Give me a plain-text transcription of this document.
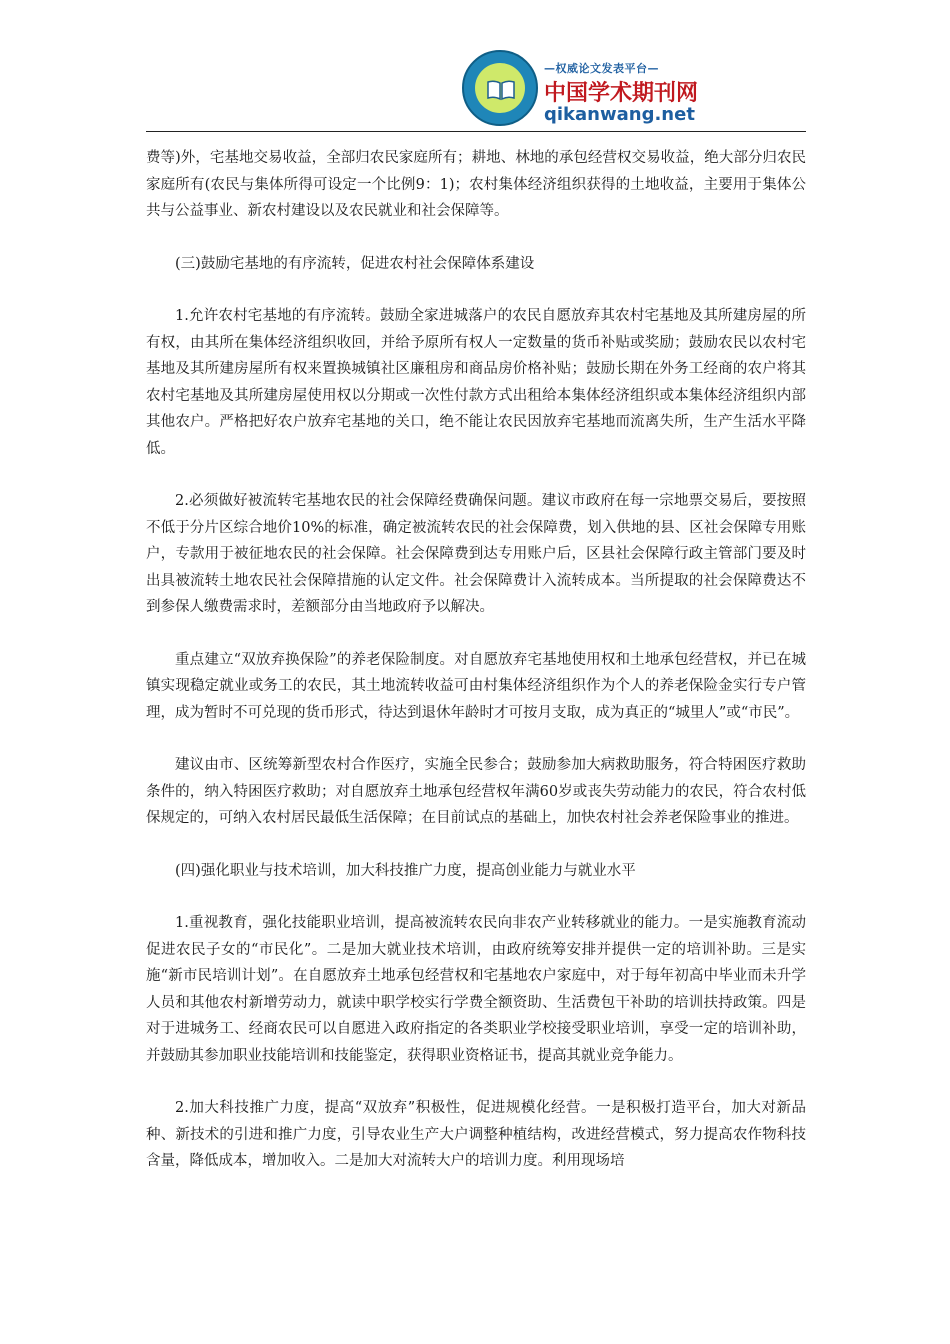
—权威论文发表平台—
中国学术期刊网
qikanwang.net

费等)外，宅基地交易收益，全部归农民家庭所有；耕地、林地的承包经营权交易收益，绝大部分归农民家庭所有(农民与集体所得可设定一个比例9：1)；农村集体经济组织获得的土地收益，主要用于集体公共与公益事业、新农村建设以及农民就业和社会保障等。

(三)鼓励宅基地的有序流转，促进农村社会保障体系建设

1.允许农村宅基地的有序流转。鼓励全家进城落户的农民自愿放弃其农村宅基地及其所建房屋的所有权，由其所在集体经济组织收回，并给予原所有权人一定数量的货币补贴或奖励；鼓励农民以农村宅基地及其所建房屋所有权来置换城镇社区廉租房和商品房价格补贴；鼓励长期在外务工经商的农户将其农村宅基地及其所建房屋使用权以分期或一次性付款方式出租给本集体经济组织或本集体经济组织内部其他农户。严格把好农户放弃宅基地的关口，绝不能让农民因放弃宅基地而流离失所，生产生活水平降低。

2.必须做好被流转宅基地农民的社会保障经费确保问题。建议市政府在每一宗地票交易后，要按照不低于分片区综合地价10%的标准，确定被流转农民的社会保障费，划入供地的县、区社会保障专用账户，专款用于被征地农民的社会保障。社会保障费到达专用账户后，区县社会保障行政主管部门要及时出具被流转土地农民社会保障措施的认定文件。社会保障费计入流转成本。当所提取的社会保障费达不到参保人缴费需求时，差额部分由当地政府予以解决。

重点建立“双放弃换保险”的养老保险制度。对自愿放弃宅基地使用权和土地承包经营权，并已在城镇实现稳定就业或务工的农民，其土地流转收益可由村集体经济组织作为个人的养老保险金实行专户管理，成为暂时不可兑现的货币形式，待达到退休年龄时才可按月支取，成为真正的“城里人”或“市民”。

建议由市、区统筹新型农村合作医疗，实施全民参合；鼓励参加大病救助服务，符合特困医疗救助条件的，纳入特困医疗救助；对自愿放弃土地承包经营权年满60岁或丧失劳动能力的农民，符合农村低保规定的，可纳入农村居民最低生活保障；在目前试点的基础上，加快农村社会养老保险事业的推进。

(四)强化职业与技术培训，加大科技推广力度，提高创业能力与就业水平

1.重视教育，强化技能职业培训，提高被流转农民向非农产业转移就业的能力。一是实施教育流动促进农民子女的“市民化”。二是加大就业技术培训，由政府统筹安排并提供一定的培训补助。三是实施“新市民培训计划”。在自愿放弃土地承包经营权和宅基地农户家庭中，对于每年初高中毕业而未升学人员和其他农村新增劳动力，就读中职学校实行学费全额资助、生活费包干补助的培训扶持政策。四是对于进城务工、经商农民可以自愿进入政府指定的各类职业学校接受职业培训，享受一定的培训补助，并鼓励其参加职业技能培训和技能鉴定，获得职业资格证书，提高其就业竞争能力。

2.加大科技推广力度，提高“双放弃”积极性，促进规模化经营。一是积极打造平台，加大对新品种、新技术的引进和推广力度，引导农业生产大户调整种植结构，改进经营模式，努力提高农作物科技含量，降低成本，增加收入。二是加大对流转大户的培训力度。利用现场培
